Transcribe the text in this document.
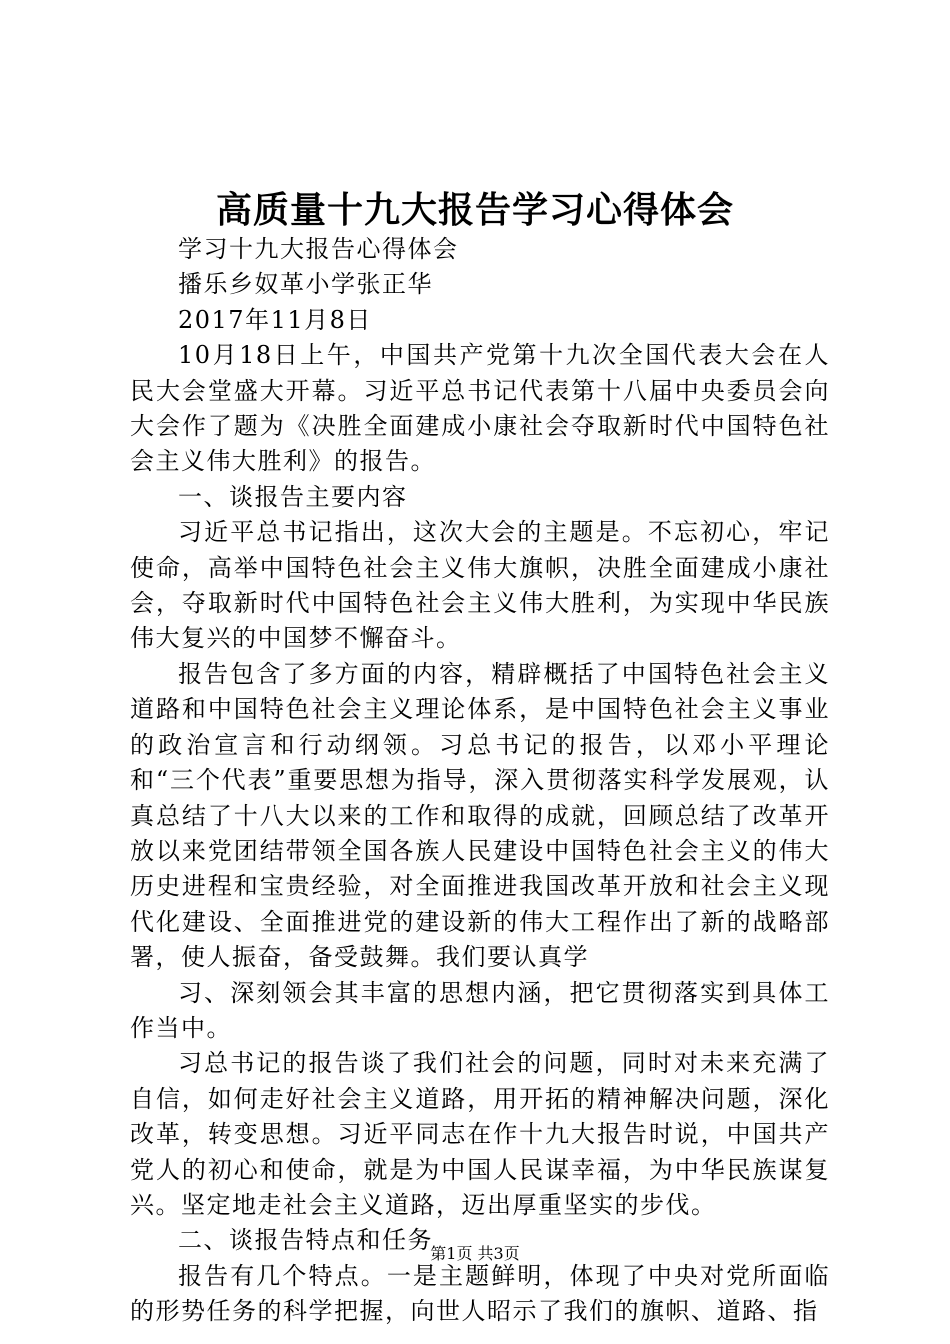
高质量十九大报告学习心得体会

学习十九大报告心得体会

播乐乡奴革小学张正华

2017年11月8日

10月18日上午，中国共产党第十九次全国代表大会在人民大会堂盛大开幕。习近平总书记代表第十八届中央委员会向大会作了题为《决胜全面建成小康社会夺取新时代中国特色社会主义伟大胜利》的报告。

一、谈报告主要内容

习近平总书记指出，这次大会的主题是。不忘初心，牢记使命，高举中国特色社会主义伟大旗帜，决胜全面建成小康社会，夺取新时代中国特色社会主义伟大胜利，为实现中华民族伟大复兴的中国梦不懈奋斗。

报告包含了多方面的内容，精辟概括了中国特色社会主义道路和中国特色社会主义理论体系，是中国特色社会主义事业的政治宣言和行动纲领。习总书记的报告，以邓小平理论和“三个代表”重要思想为指导，深入贯彻落实科学发展观，认真总结了十八大以来的工作和取得的成就，回顾总结了改革开放以来党团结带领全国各族人民建设中国特色社会主义的伟大历史进程和宝贵经验，对全面推进我国改革开放和社会主义现代化建设、全面推进党的建设新的伟大工程作出了新的战略部署，使人振奋，备受鼓舞。我们要认真学

习、深刻领会其丰富的思想内涵，把它贯彻落实到具体工作当中。

习总书记的报告谈了我们社会的问题，同时对未来充满了自信，如何走好社会主义道路，用开拓的精神解决问题，深化改革，转变思想。习近平同志在作十九大报告时说，中国共产党人的初心和使命，就是为中国人民谋幸福，为中华民族谋复兴。坚定地走社会主义道路，迈出厚重坚实的步伐。

二、谈报告特点和任务

报告有几个特点。一是主题鲜明，体现了中央对党所面临的形势任务的科学把握，向世人昭示了我们的旗帜、道路、指

第1页 共3页
